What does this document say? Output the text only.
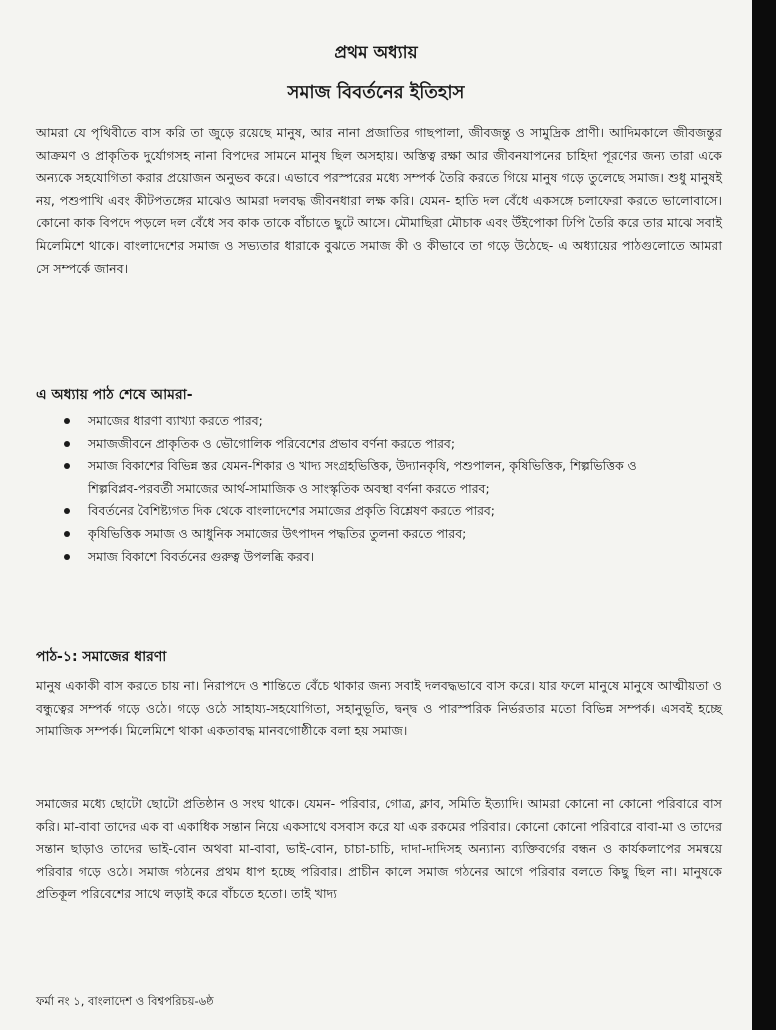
প্রথম অধ্যায়
সমাজ বিবর্তনের ইতিহাস

আমরা যে পৃথিবীতে বাস করি তা জুড়ে রয়েছে মানুষ, আর নানা প্রজাতির গাছপালা, জীবজন্তু ও সামুদ্রিক প্রাণী। আদিমকালে জীবজন্তুর আক্রমণ ও প্রাকৃতিক দুর্যোগসহ নানা বিপদের সামনে মানুষ ছিল অসহায়। অস্তিত্ব রক্ষা আর জীবনযাপনের চাহিদা পূরণের জন্য তারা একে অন্যকে সহযোগিতা করার প্রয়োজন অনুভব করে। এভাবে পরস্পরের মধ্যে সম্পর্ক তৈরি করতে গিয়ে মানুষ গড়ে তুলেছে সমাজ। শুধু মানুষই নয়, পশুপাখি এবং কীটপতঙ্গের মাঝেও আমরা দলবদ্ধ জীবনধারা লক্ষ করি। যেমন- হাতি দল বেঁধে একসঙ্গে চলাফেরা করতে ভালোবাসে। কোনো কাক বিপদে পড়লে দল বেঁধে সব কাক তাকে বাঁচাতে ছুটে আসে। মৌমাছিরা মৌচাক এবং উঁইপোকা ঢিপি তৈরি করে তার মাঝে সবাই মিলেমিশে থাকে। বাংলাদেশের সমাজ ও সভ্যতার ধারাকে বুঝতে সমাজ কী ও কীভাবে তা গড়ে উঠেছে- এ অধ্যায়ের পাঠগুলোতে আমরা সে সম্পর্কে জানব।

এ অধ্যায় পাঠ শেষে আমরা-
সমাজের ধারণা ব্যাখ্যা করতে পারব;
সমাজজীবনে প্রাকৃতিক ও ভৌগোলিক পরিবেশের প্রভাব বর্ণনা করতে পারব;
সমাজ বিকাশের বিভিন্ন স্তর যেমন-শিকার ও খাদ্য সংগ্রহভিত্তিক, উদ্যানকৃষি, পশুপালন, কৃষিভিত্তিক, শিল্পভিত্তিক ও শিল্পবিপ্লব-পরবর্তী সমাজের আর্থ-সামাজিক ও সাংস্কৃতিক অবস্থা বর্ণনা করতে পারব;
বিবর্তনের বৈশিষ্ট্যগত দিক থেকে বাংলাদেশের সমাজের প্রকৃতি বিশ্লেষণ করতে পারব;
কৃষিভিত্তিক সমাজ ও আধুনিক সমাজের উৎপাদন পদ্ধতির তুলনা করতে পারব;
সমাজ বিকাশে বিবর্তনের গুরুত্ব উপলব্ধি করব।
পাঠ-১: সমাজের ধারণা

মানুষ একাকী বাস করতে চায় না। নিরাপদে ও শান্তিতে বেঁচে থাকার জন্য সবাই দলবদ্ধভাবে বাস করে। যার ফলে মানুষে মানুষে আত্মীয়তা ও বন্ধুত্বের সম্পর্ক গড়ে ওঠে। গড়ে ওঠে সাহায্য-সহযোগিতা, সহানুভূতি, দ্বন্দ্ব ও পারস্পরিক নির্ভরতার মতো বিভিন্ন সম্পর্ক। এসবই হচ্ছে সামাজিক সম্পর্ক। মিলেমিশে থাকা একতাবদ্ধ মানবগোষ্ঠীকে বলা হয় সমাজ।

সমাজের মধ্যে ছোটো ছোটো প্রতিষ্ঠান ও সংঘ থাকে। যেমন- পরিবার, গোত্র, ক্লাব, সমিতি ইত্যাদি। আমরা কোনো না কোনো পরিবারে বাস করি। মা-বাবা তাদের এক বা একাধিক সন্তান নিয়ে একসাথে বসবাস করে যা এক রকমের পরিবার। কোনো কোনো পরিবারে বাবা-মা ও তাদের সন্তান ছাড়াও তাদের ভাই-বোন অথবা মা-বাবা, ভাই-বোন, চাচা-চাচি, দাদা-দাদিসহ অন্যান্য ব্যক্তিবর্গের বন্ধন ও কার্যকলাপের সমন্বয়ে পরিবার গড়ে ওঠে। সমাজ গঠনের প্রথম ধাপ হচ্ছে পরিবার। প্রাচীন কালে সমাজ গঠনের আগে পরিবার বলতে কিছু ছিল না। মানুষকে প্রতিকূল পরিবেশের সাথে লড়াই করে বাঁচতে হতো। তাই খাদ্য

ফর্মা নং ১, বাংলাদেশ ও বিশ্বপরিচয়-৬ষ্ঠ
